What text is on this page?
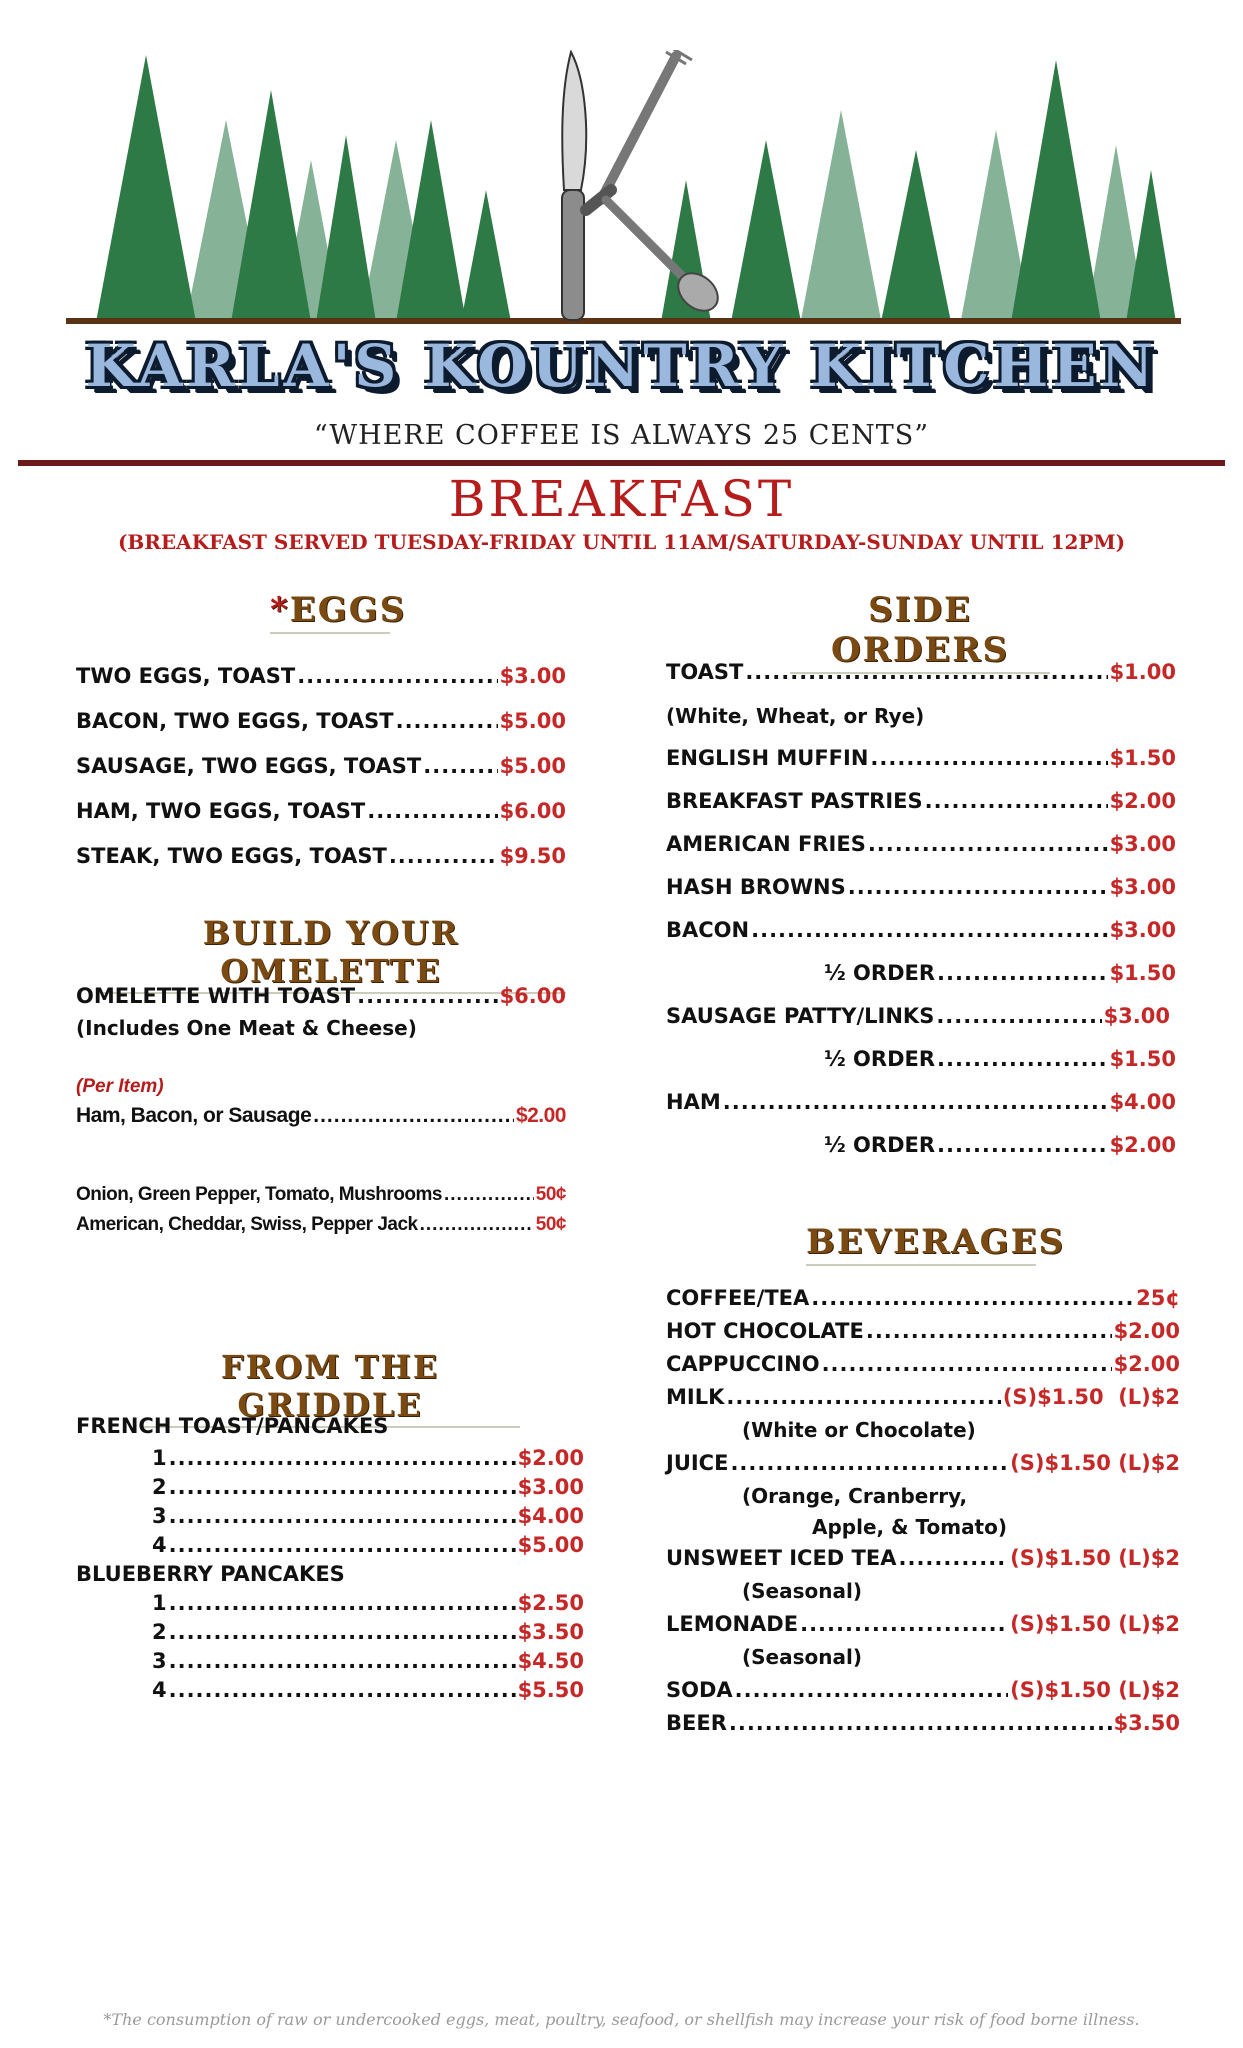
KARLA'S KOUNTRY KITCHEN
“WHERE COFFEE IS ALWAYS 25 CENTS”
BREAKFAST
(BREAKFAST SERVED TUESDAY-FRIDAY UNTIL 11AM/SATURDAY-SUNDAY UNTIL 12PM)
*EGGS
TWO EGGS, TOAST .....	$3.00
BACON, TWO EGGS, TOAST .....	$5.00
SAUSAGE, TWO EGGS, TOAST .....	$5.00
HAM, TWO EGGS, TOAST .....	$6.00
STEAK, TWO EGGS, TOAST .....	$9.50
BUILD YOUR OMELETTE
OMELETTE WITH TOAST .....	$6.00
(Includes One Meat & Cheese)
(Per Item)
Ham, Bacon, or Sausage .....	$2.00
Onion, Green Pepper, Tomato, Mushrooms .....	50¢
American, Cheddar, Swiss, Pepper Jack .....	50¢
FROM THE GRIDDLE
FRENCH TOAST/PANCAKES
1 .....	$2.00
2 .....	$3.00
3 .....	$4.00
4 .....	$5.00
BLUEBERRY PANCAKES
1 .....	$2.50
2 .....	$3.50
3 .....	$4.50
4 .....	$5.50
SIDE ORDERS
TOAST .....	$1.00
(White, Wheat, or Rye)
ENGLISH MUFFIN .....	$1.50
BREAKFAST PASTRIES .....	$2.00
AMERICAN FRIES .....	$3.00
HASH BROWNS .....	$3.00
BACON .....	$3.00
½ ORDER .....	$1.50
SAUSAGE PATTY/LINKS .....	$3.00
½ ORDER .....	$1.50
HAM .....	$4.00
½ ORDER .....	$2.00
BEVERAGES
COFFEE/TEA .....	25¢
HOT CHOCOLATE .....	$2.00
CAPPUCCINO .....	$2.00
MILK .....	(S)$1.50  (L)$2
(White or Chocolate)
JUICE .....	(S)$1.50 (L)$2
(Orange, Cranberry,
Apple, & Tomato)
UNSWEET ICED TEA .....	(S)$1.50 (L)$2
(Seasonal)
LEMONADE .....	(S)$1.50 (L)$2
(Seasonal)
SODA .....	(S)$1.50 (L)$2
BEER .....	$3.50
*The consumption of raw or undercooked eggs, meat, poultry, seafood, or shellfish may increase your risk of food borne illness.
